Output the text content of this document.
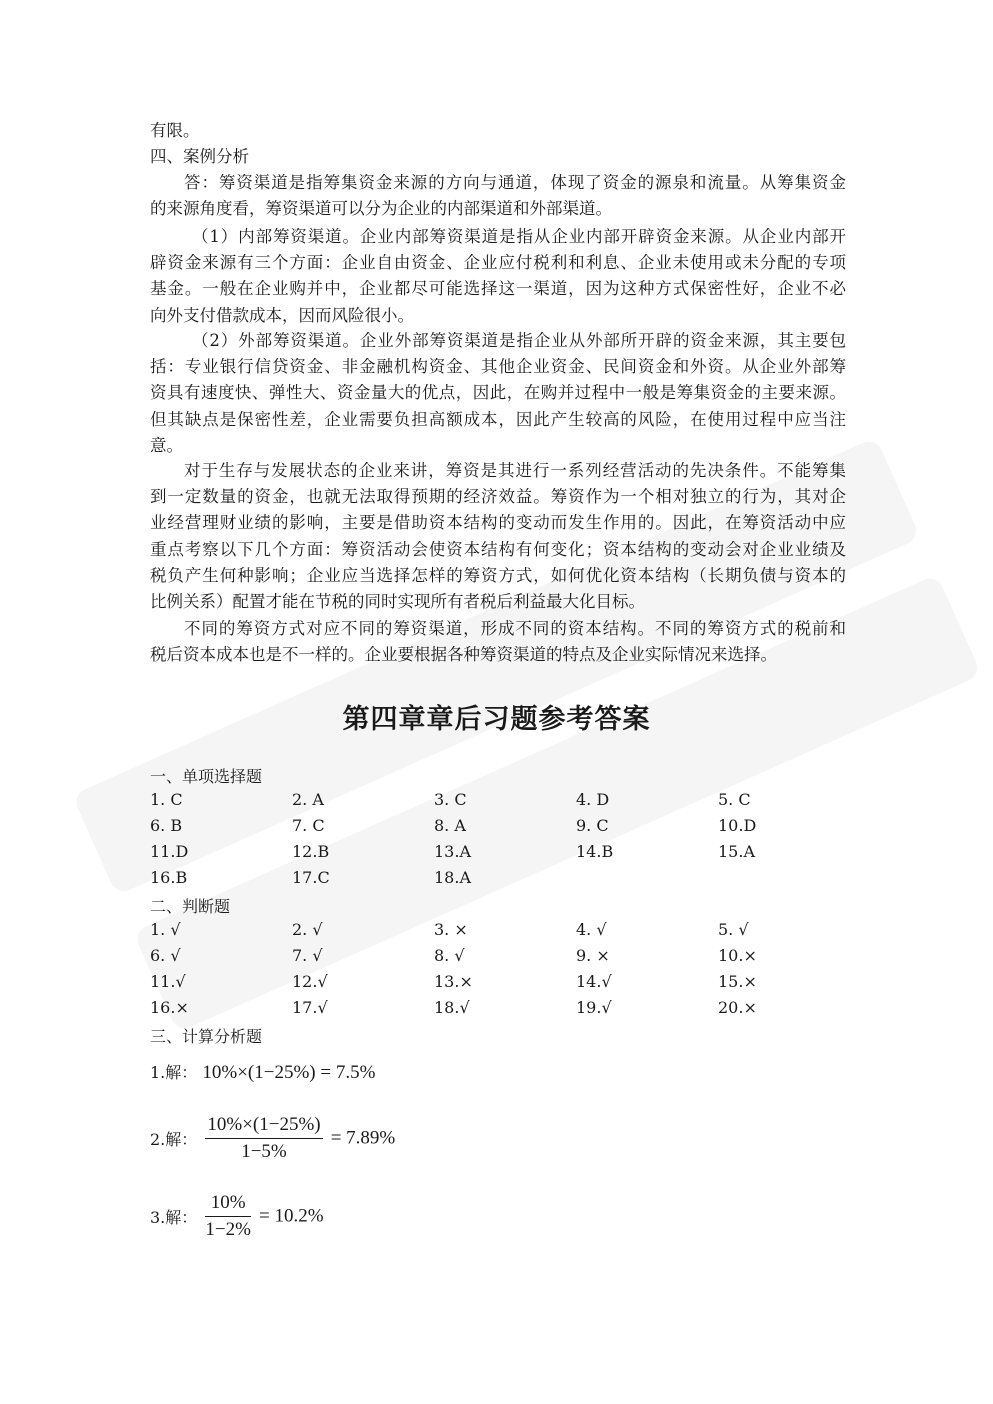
有限。
四、案例分析
答：筹资渠道是指筹集资金来源的方向与通道，体现了资金的源泉和流量。从筹集资金
的来源角度看，筹资渠道可以分为企业的内部渠道和外部渠道。
（1）内部筹资渠道。企业内部筹资渠道是指从企业内部开辟资金来源。从企业内部开
辟资金来源有三个方面：企业自由资金、企业应付税利和利息、企业未使用或未分配的专项
基金。一般在企业购并中，企业都尽可能选择这一渠道，因为这种方式保密性好，企业不必
向外支付借款成本，因而风险很小。
（2）外部筹资渠道。企业外部筹资渠道是指企业从外部所开辟的资金来源，其主要包
括：专业银行信贷资金、非金融机构资金、其他企业资金、民间资金和外资。从企业外部筹
资具有速度快、弹性大、资金量大的优点，因此，在购并过程中一般是筹集资金的主要来源。
但其缺点是保密性差，企业需要负担高额成本，因此产生较高的风险，在使用过程中应当注
意。
对于生存与发展状态的企业来讲，筹资是其进行一系列经营活动的先决条件。不能筹集
到一定数量的资金，也就无法取得预期的经济效益。筹资作为一个相对独立的行为，其对企
业经营理财业绩的影响，主要是借助资本结构的变动而发生作用的。因此，在筹资活动中应
重点考察以下几个方面：筹资活动会使资本结构有何变化；资本结构的变动会对企业业绩及
税负产生何种影响；企业应当选择怎样的筹资方式，如何优化资本结构（长期负债与资本的
比例关系）配置才能在节税的同时实现所有者税后利益最大化目标。
不同的筹资方式对应不同的筹资渠道，形成不同的资本结构。不同的筹资方式的税前和
税后资本成本也是不一样的。企业要根据各种筹资渠道的特点及企业实际情况来选择。
第四章章后习题参考答案
一、单项选择题
1. C	2. A	3. C	4. D	5. C
6. B	7. C	8. A	9. C	10.D
11.D	12.B	13.A	14.B	15.A
16.B	17.C	18.A
二、判断题
1. √	2. √	3. ×	4. √	5. √
6. √	7. √	8. √	9. ×	10.×
11.√	12.√	13.×	14.√	15.×
16.×	17.√	18.√	19.√	20.×
三、计算分析题
1.解： 10%×(1−25%) = 7.5%
2.解： $\frac{10\%\times(1-25\%)}{1-5\%} = 7.89\%$
3.解： $\frac{10\%}{1-2\%} = 10.2\%$
